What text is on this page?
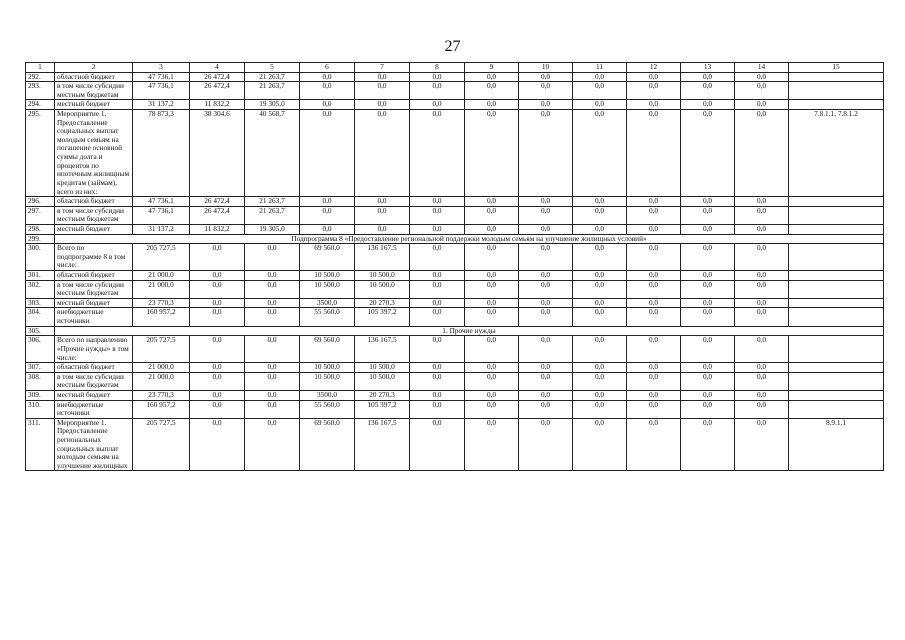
27
1	2	3	4	5	6	7	8	9	10	11	12	13	14	15
292.	областной бюджет	47 736,1	26 472,4	21 263,7	0,0	0,0	0,0	0,0	0,0	0,0	0,0	0,0	0,0	
293.	в том числе субсидии местным бюджетам	47 736,1	26 472,4	21 263,7	0,0	0,0	0,0	0,0	0,0	0,0	0,0	0,0	0,0	
294.	местный бюджет	31 137,2	11 832,2	19 305,0	0,0	0,0	0,0	0,0	0,0	0,0	0,0	0,0	0,0	
295.	Мероприятие 1. Предоставление социальных выплат молодым семьям на погашение основной суммы долга и процентов по ипотечным жилищным кредитам (займам), всего из них:	78 873,3	38 304,6	40 568,7	0,0	0,0	0,0	0,0	0,0	0,0	0,0	0,0	0,0	7.8.1.1, 7.8.1.2
296.	областной бюджет	47 736,1	26 472,4	21 263,7	0,0	0,0	0,0	0,0	0,0	0,0	0,0	0,0	0,0	
297.	в том числе субсидии местным бюджетам	47 736,1	26 472,4	21 263,7	0,0	0,0	0,0	0,0	0,0	0,0	0,0	0,0	0,0	
298.	местный бюджет	31 137,2	11 832,2	19 305,0	0,0	0,0	0,0	0,0	0,0	0,0	0,0	0,0	0,0	
299.	Подпрограмма 8 «Предоставление региональной поддержки молодым семьям на улучшение жилищных условий»													
300.	Всего по подпрограмме 8 в том числе:	205 727,5	0,0	0,0	69 560,0	136 167,5	0,0	0,0	0,0	0,0	0,0	0,0	0,0	
301.	областной бюджет	21 000,0	0,0	0,0	10 500,0	10 500,0	0,0	0,0	0,0	0,0	0,0	0,0	0,0	
302.	в том числе субсидии местным бюджетам	21 000,0	0,0	0,0	10 500,0	10 500,0	0,0	0,0	0,0	0,0	0,0	0,0	0,0	
303.	местный бюджет	23 770,3	0,0	0,0	3500,0	20 270,3	0,0	0,0	0,0	0,0	0,0	0,0	0,0	
304.	внебюджетные источники	160 957,2	0,0	0,0	55 560,0	105 397,2	0,0	0,0	0,0	0,0	0,0	0,0	0,0	
305.	1. Прочие нужды													
306.	Всего по направлению «Прочие нужды» в том числе:	205 727,5	0,0	0,0	69 560,0	136 167,5	0,0	0,0	0,0	0,0	0,0	0,0	0,0	
307.	областной бюджет	21 000,0	0,0	0,0	10 500,0	10 500,0	0,0	0,0	0,0	0,0	0,0	0,0	0,0	
308.	в том числе субсидии местным бюджетам	21 000,0	0,0	0,0	10 500,0	10 500,0	0,0	0,0	0,0	0,0	0,0	0,0	0,0	
309.	местный бюджет	23 770,3	0,0	0,0	3500,0	20 270,3	0,0	0,0	0,0	0,0	0,0	0,0	0,0	
310.	внебюджетные источники	160 957,2	0,0	0,0	55 560,0	105 397,2	0,0	0,0	0,0	0,0	0,0	0,0	0,0	
311.	Мероприятие 1. Предоставление региональных социальных выплат молодым семьям на улучшение жилищных	205 727,5	0,0	0,0	69 560,0	136 167,5	0,0	0,0	0,0	0,0	0,0	0,0	0,0	8.9.1.1
